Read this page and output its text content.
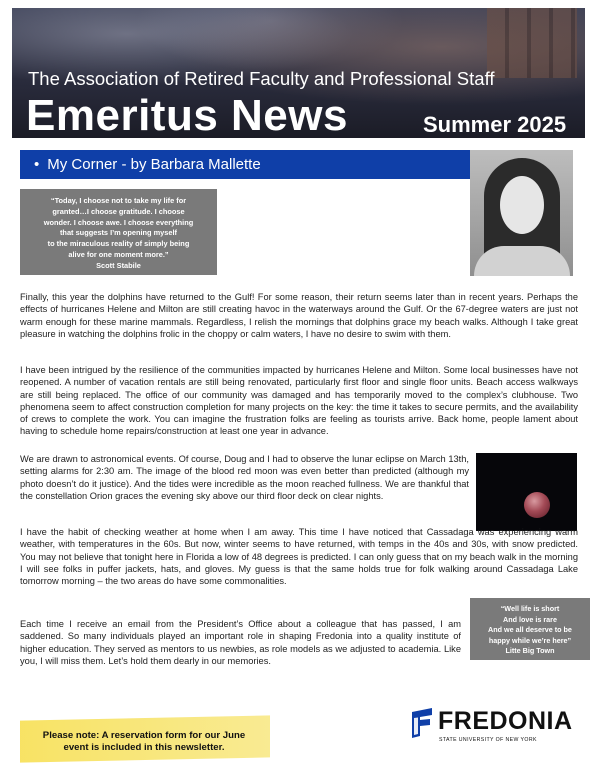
The Association of Retired Faculty and Professional Staff
Emeritus News	Summer 2025
• My Corner - by Barbara Mallette
“Today, I choose not to take my life for
granted…I choose gratitude. I choose
wonder. I choose awe. I choose everything
that suggests I’m opening myself
to the miraculous reality of simply being
alive for one moment more.”
Scott Stabile

Finally, this year the dolphins have returned to the Gulf! For some reason, their return seems later than in recent years. Perhaps the effects of hurricanes Helene and Milton are still creating havoc in the waterways around the Gulf. Or the 67-degree waters are just not warm enough for these marine mammals. Regardless, I relish the mornings that dolphins grace my beach walks. Although I take great pleasure in watching the dolphins frolic in the choppy or calm waters, I have no desire to swim with them.

I have been intrigued by the resilience of the communities impacted by hurricanes Helene and Milton. Some local businesses have not reopened. A number of vacation rentals are still being renovated, particularly first floor and single floor units. Beach access walkways are still being replaced. The office of our community was damaged and has temporarily moved to the complex’s clubhouse. Two phenomena seem to affect construction completion for many projects on the key: the time it takes to secure permits, and the availability of crews to complete the work. You can imagine the frustration folks are feeling as tourists arrive. Back home, people lament about having to schedule home repairs/construction at least one year in advance.

We are drawn to astronomical events. Of course, Doug and I had to observe the lunar eclipse on March 13th, setting alarms for 2:30 am. The image of the blood red moon was even better than predicted (although my photo doesn’t do it justice). And the tides were incredible as the moon reached fullness. We are thankful that the constellation Orion graces the evening sky above our third floor deck on clear nights.

I have the habit of checking weather at home when I am away. This time I have noticed that Cassadaga was experiencing warm weather, with temperatures in the 60s. But now, winter seems to have returned, with temps in the 40s and 30s, with snow predicted. You may not believe that tonight here in Florida a low of 48 degrees is predicted. I can only guess that on my beach walk in the morning I will see folks in puffer jackets, hats, and gloves. My guess is that the same holds true for folk walking around Cassadaga Lake tomorrow morning – the two areas do have some commonalities.

Each time I receive an email from the President’s Office about a colleague that has passed, I am saddened. So many individuals played an important role in shaping Fredonia into a quality institute of higher education. They served as mentors to us newbies, as role models as we adjusted to academia. Like you, I will miss them. Let’s hold them dearly in our memories.

“Well life is short
And love is rare
And we all deserve to be
happy while we’re here”
Litte Big Town
Please note: A reservation form for our June
event is included in this newsletter.
FREDONIA
STATE UNIVERSITY OF NEW YORK
